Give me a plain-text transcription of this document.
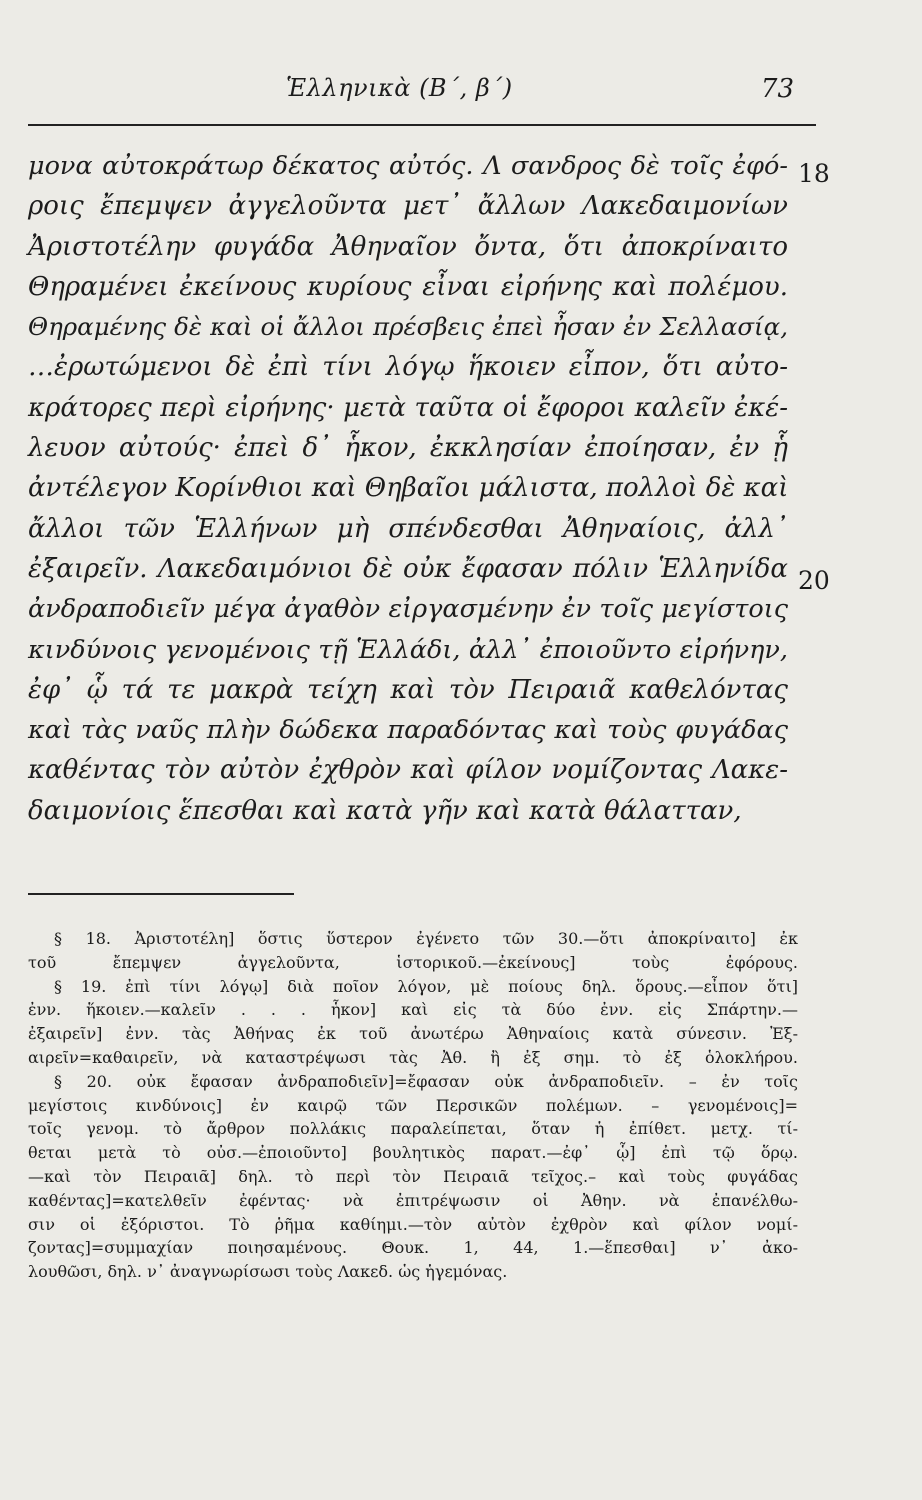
Ἑλληνικὰ (Β΄, β΄)	73
18
20
μονα αὐτοκράτωρ δέκατος αὐτός. Λ σανδρος δὲ τοῖς ἐφό-
ροις ἔπεμψεν ἀγγελοῦντα μετ᾽ ἄλλων Λακεδαιμονίων
Ἀριστοτέλην φυγάδα Ἀθηναῖον ὄντα, ὅτι ἀποκρίναιτο
Θηραμένει ἐκείνους κυρίους εἶναι εἰρήνης καὶ πολέμου.
Θηραμένης δὲ καὶ οἱ ἄλλοι πρέσβεις ἐπεὶ ἦσαν ἐν Σελλασίᾳ,
…ἐρωτώμενοι δὲ ἐπὶ τίνι λόγῳ ἥκοιεν εἶπον, ὅτι αὐτο-
κράτορες περὶ εἰρήνης· μετὰ ταῦτα οἱ ἔφοροι καλεῖν ἐκέ-
λευον αὐτούς· ἐπεὶ δ᾽ ἧκον, ἐκκλησίαν ἐποίησαν, ἐν ᾗ
ἀντέλεγον Κορίνθιοι καὶ Θηβαῖοι μάλιστα, πολλοὶ δὲ καὶ
ἄλλοι τῶν Ἑλλήνων μὴ σπένδεσθαι Ἀθηναίοις, ἀλλ᾽
ἐξαιρεῖν. Λακεδαιμόνιοι δὲ οὐκ ἔφασαν πόλιν Ἑλληνίδα
ἀνδραποδιεῖν μέγα ἀγαθὸν εἰργασμένην ἐν τοῖς μεγίστοις
κινδύνοις γενομένοις τῇ Ἑλλάδι, ἀλλ᾽ ἐποιοῦντο εἰρήνην,
ἐφ᾽ ᾧ τά τε μακρὰ τείχη καὶ τὸν Πειραιᾶ καθελόντας
καὶ τὰς ναῦς πλὴν δώδεκα παραδόντας καὶ τοὺς φυγάδας
καθέντας τὸν αὐτὸν ἐχθρὸν καὶ φίλον νομίζοντας Λακε-
δαιμονίοις ἕπεσθαι καὶ κατὰ γῆν καὶ κατὰ θάλατταν,
§ 18. Ἀριστοτέλη] ὅστις ὕστερον ἐγένετο τῶν 30.—ὅτι ἀποκρίναιτο] ἐκ
τοῦ ἔπεμψεν ἀγγελοῦντα, ἱστορικοῦ.—ἐκείνους] τοὺς ἐφόρους.
§ 19. ἐπὶ τίνι λόγῳ] διὰ ποῖον λόγον, μὲ ποίους δηλ. ὅρους.—εἶπον ὅτι]
ἐνν. ἥκοιεν.—καλεῖν . . . ἧκον] καὶ εἰς τὰ δύο ἐνν. εἰς Σπάρτην.—
ἐξαιρεῖν] ἐνν. τὰς Ἀθήνας ἐκ τοῦ ἀνωτέρω Ἀθηναίοις κατὰ σύνεσιν. Ἐξ-
αιρεῖν=καθαιρεῖν, νὰ καταστρέψωσι τὰς Ἀθ. ἢ ἐξ σημ. τὸ ἐξ ὁλοκλήρου.
§ 20. οὐκ ἔφασαν ἀνδραποδιεῖν]=ἔφασαν οὐκ ἀνδραποδιεῖν. – ἐν τοῖς
μεγίστοις κινδύνοις] ἐν καιρῷ τῶν Περσικῶν πολέμων. – γενομένοις]=
τοῖς γενομ. τὸ ἄρθρον πολλάκις παραλείπεται, ὅταν ἡ ἐπίθετ. μετχ. τί-
θεται μετὰ τὸ οὐσ.—ἐποιοῦντο] βουλητικὸς παρατ.—ἐφ᾽ ᾧ] ἐπὶ τῷ ὅρῳ.
—καὶ τὸν Πειραιᾶ] δηλ. τὸ περὶ τὸν Πειραιᾶ τεῖχος.– καὶ τοὺς φυγάδας
καθέντας]=κατελθεῖν ἐφέντας· νὰ ἐπιτρέψωσιν οἱ Ἀθην. νὰ ἐπανέλθω-
σιν οἱ ἐξόριστοι. Τὸ ῥῆμα καθίημι.—τὸν αὐτὸν ἐχθρὸν καὶ φίλον νομί-
ζοντας]=συμμαχίαν ποιησαμένους. Θουκ. 1, 44, 1.—ἕπεσθαι] ν᾽ ἀκο-
λουθῶσι, δηλ. ν᾽ ἀναγνωρίσωσι τοὺς Λακεδ. ὡς ἡγεμόνας.
